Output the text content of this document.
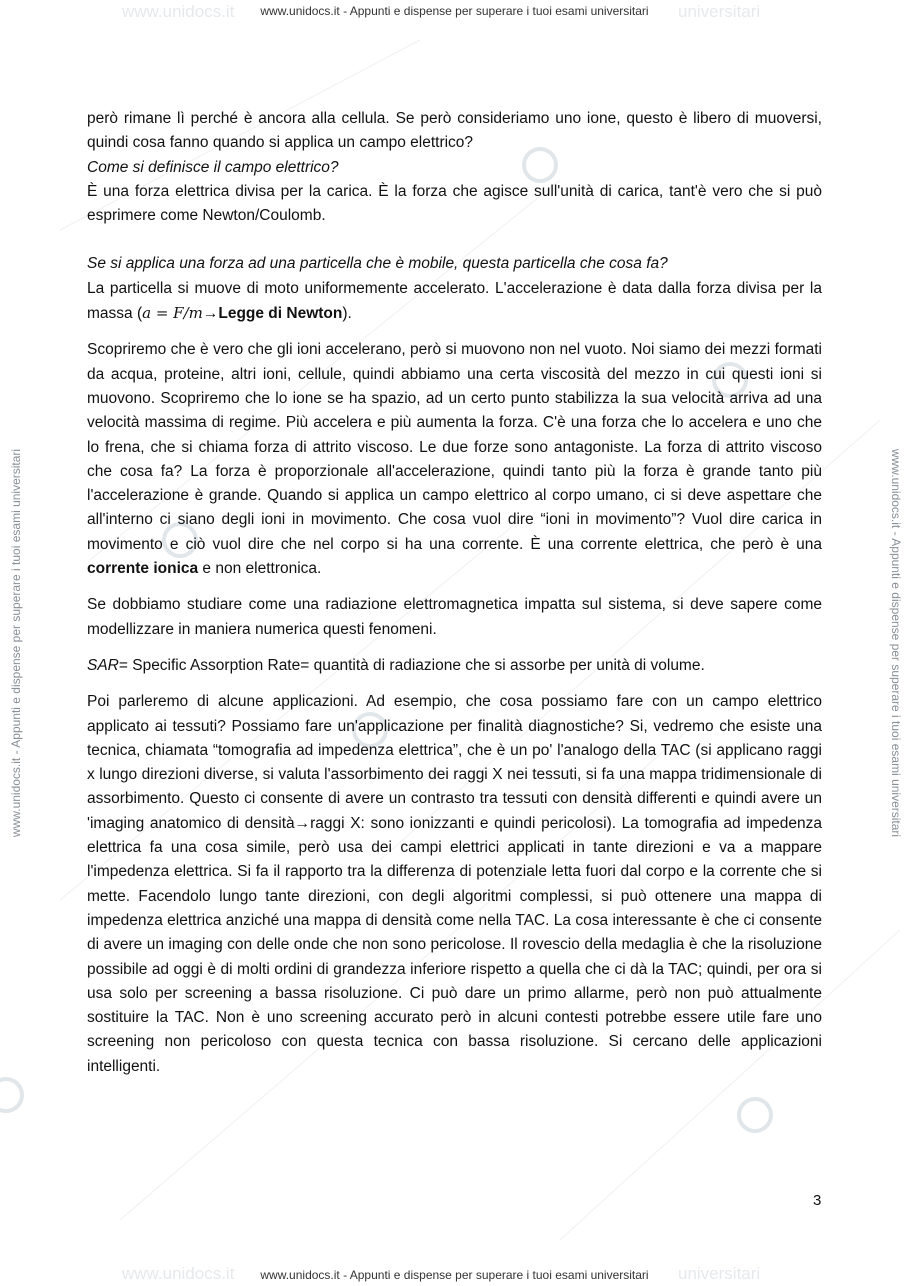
www.unidocs.it	universitari
www.unidocs.it - Appunti e dispense per superare i tuoi esami universitari
www.unidocs.it - Appunti e dispense per superare i tuoi esami universitari	www.unidocs.it - Appunti e dispense per superare i tuoi esami universitari

però rimane lì perché è ancora alla cellula. Se però consideriamo uno ione, questo è libero di muoversi, quindi cosa fanno quando si applica un campo elettrico?
Come si definisce il campo elettrico?
È una forza elettrica divisa per la carica. È la forza che agisce sull'unità di carica, tant'è vero che si può esprimere come Newton/Coulomb.

Se si applica una forza ad una particella che è mobile, questa particella che cosa fa?
La particella si muove di moto uniformemente accelerato. L'accelerazione è data dalla forza divisa per la massa (a = F/m→Legge di Newton).

Scopriremo che è vero che gli ioni accelerano, però si muovono non nel vuoto. Noi siamo dei mezzi formati da acqua, proteine, altri ioni, cellule, quindi abbiamo una certa viscosità del mezzo in cui questi ioni si muovono. Scopriremo che lo ione se ha spazio, ad un certo punto stabilizza la sua velocità arriva ad una velocità massima di regime. Più accelera e più aumenta la forza. C'è una forza che lo accelera e uno che lo frena, che si chiama forza di attrito viscoso. Le due forze sono antagoniste. La forza di attrito viscoso che cosa fa? La forza è proporzionale all'accelerazione, quindi tanto più la forza è grande tanto più l'accelerazione è grande. Quando si applica un campo elettrico al corpo umano, ci si deve aspettare che all'interno ci siano degli ioni in movimento. Che cosa vuol dire “ioni in movimento”? Vuol dire carica in movimento e ciò vuol dire che nel corpo si ha una corrente. È una corrente elettrica, che però è una corrente ionica e non elettronica.

Se dobbiamo studiare come una radiazione elettromagnetica impatta sul sistema, si deve sapere come modellizzare in maniera numerica questi fenomeni.

SAR= Specific Assorption Rate= quantità di radiazione che si assorbe per unità di volume.

Poi parleremo di alcune applicazioni. Ad esempio, che cosa possiamo fare con un campo elettrico applicato ai tessuti? Possiamo fare un'applicazione per finalità diagnostiche? Si, vedremo che esiste una tecnica, chiamata “tomografia ad impedenza elettrica”, che è un po' l'analogo della TAC (si applicano raggi x lungo direzioni diverse, si valuta l'assorbimento dei raggi X nei tessuti, si fa una mappa tridimensionale di assorbimento. Questo ci consente di avere un contrasto tra tessuti con densità differenti e quindi avere un 'imaging anatomico di densità→raggi X: sono ionizzanti e quindi pericolosi). La tomografia ad impedenza elettrica fa una cosa simile, però usa dei campi elettrici applicati in tante direzioni e va a mappare l'impedenza elettrica. Si fa il rapporto tra la differenza di potenziale letta fuori dal corpo e la corrente che si mette. Facendolo lungo tante direzioni, con degli algoritmi complessi, si può ottenere una mappa di impedenza elettrica anziché una mappa di densità come nella TAC. La cosa interessante è che ci consente di avere un imaging con delle onde che non sono pericolose. Il rovescio della medaglia è che la risoluzione possibile ad oggi è di molti ordini di grandezza inferiore rispetto a quella che ci dà la TAC; quindi, per ora si usa solo per screening a bassa risoluzione. Ci può dare un primo allarme, però non può attualmente sostituire la TAC. Non è uno screening accurato però in alcuni contesti potrebbe essere utile fare uno screening non pericoloso con questa tecnica con bassa risoluzione. Si cercano delle applicazioni intelligenti.

3
www.unidocs.it	universitari
www.unidocs.it - Appunti e dispense per superare i tuoi esami universitari
